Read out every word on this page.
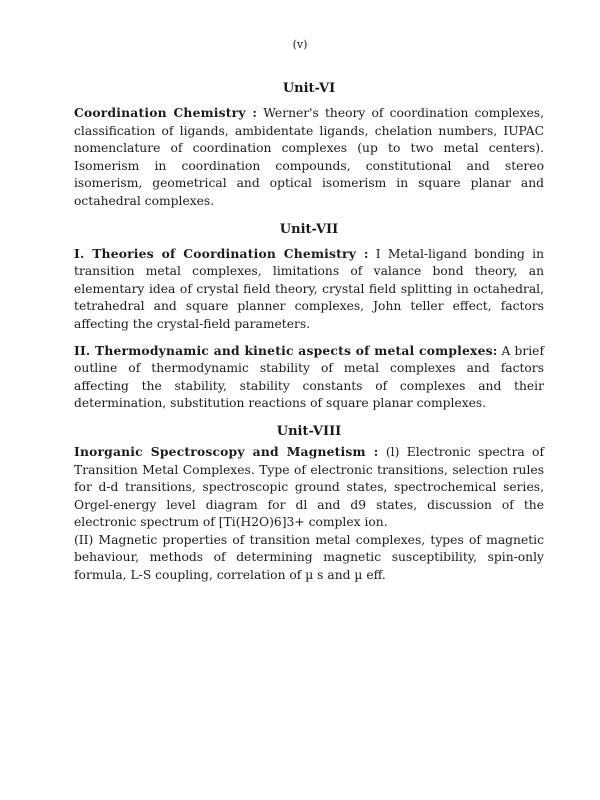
(v)
Unit-VI

Coordination Chemistry : Werner's theory of coordination complexes, classification of ligands, ambidentate ligands, chelation numbers, IUPAC nomenclature of coordination complexes (up to two metal centers). Isomerism in coordination compounds, constitutional and stereo isomerism, geometrical and optical isomerism in square planar and octahedral complexes.

Unit-VII

I. Theories of Coordination Chemistry : I Metal-ligand bonding in transition metal complexes, limitations of valance bond theory, an elementary idea of crystal field theory, crystal field splitting in octahedral, tetrahedral and square planner complexes, John teller effect, factors affecting the crystal-field parameters.

II. Thermodynamic and kinetic aspects of metal complexes: A brief outline of thermodynamic stability of metal complexes and factors affecting the stability, stability constants of complexes and their determination, substitution reactions of square planar complexes.

Unit-VIII

Inorganic Spectroscopy and Magnetism : (l) Electronic spectra of Transition Metal Complexes. Type of electronic transitions, selection rules for d-d transitions, spectroscopic ground states, spectrochemical series, Orgel-energy level diagram for dl and d9 states, discussion of the electronic spectrum of [Ti(H2O)6]3+ complex ion.

(II) Magnetic properties of transition metal complexes, types of magnetic behaviour, methods of determining magnetic susceptibility, spin-only formula, L-S coupling, correlation of µ s and µ eff.
